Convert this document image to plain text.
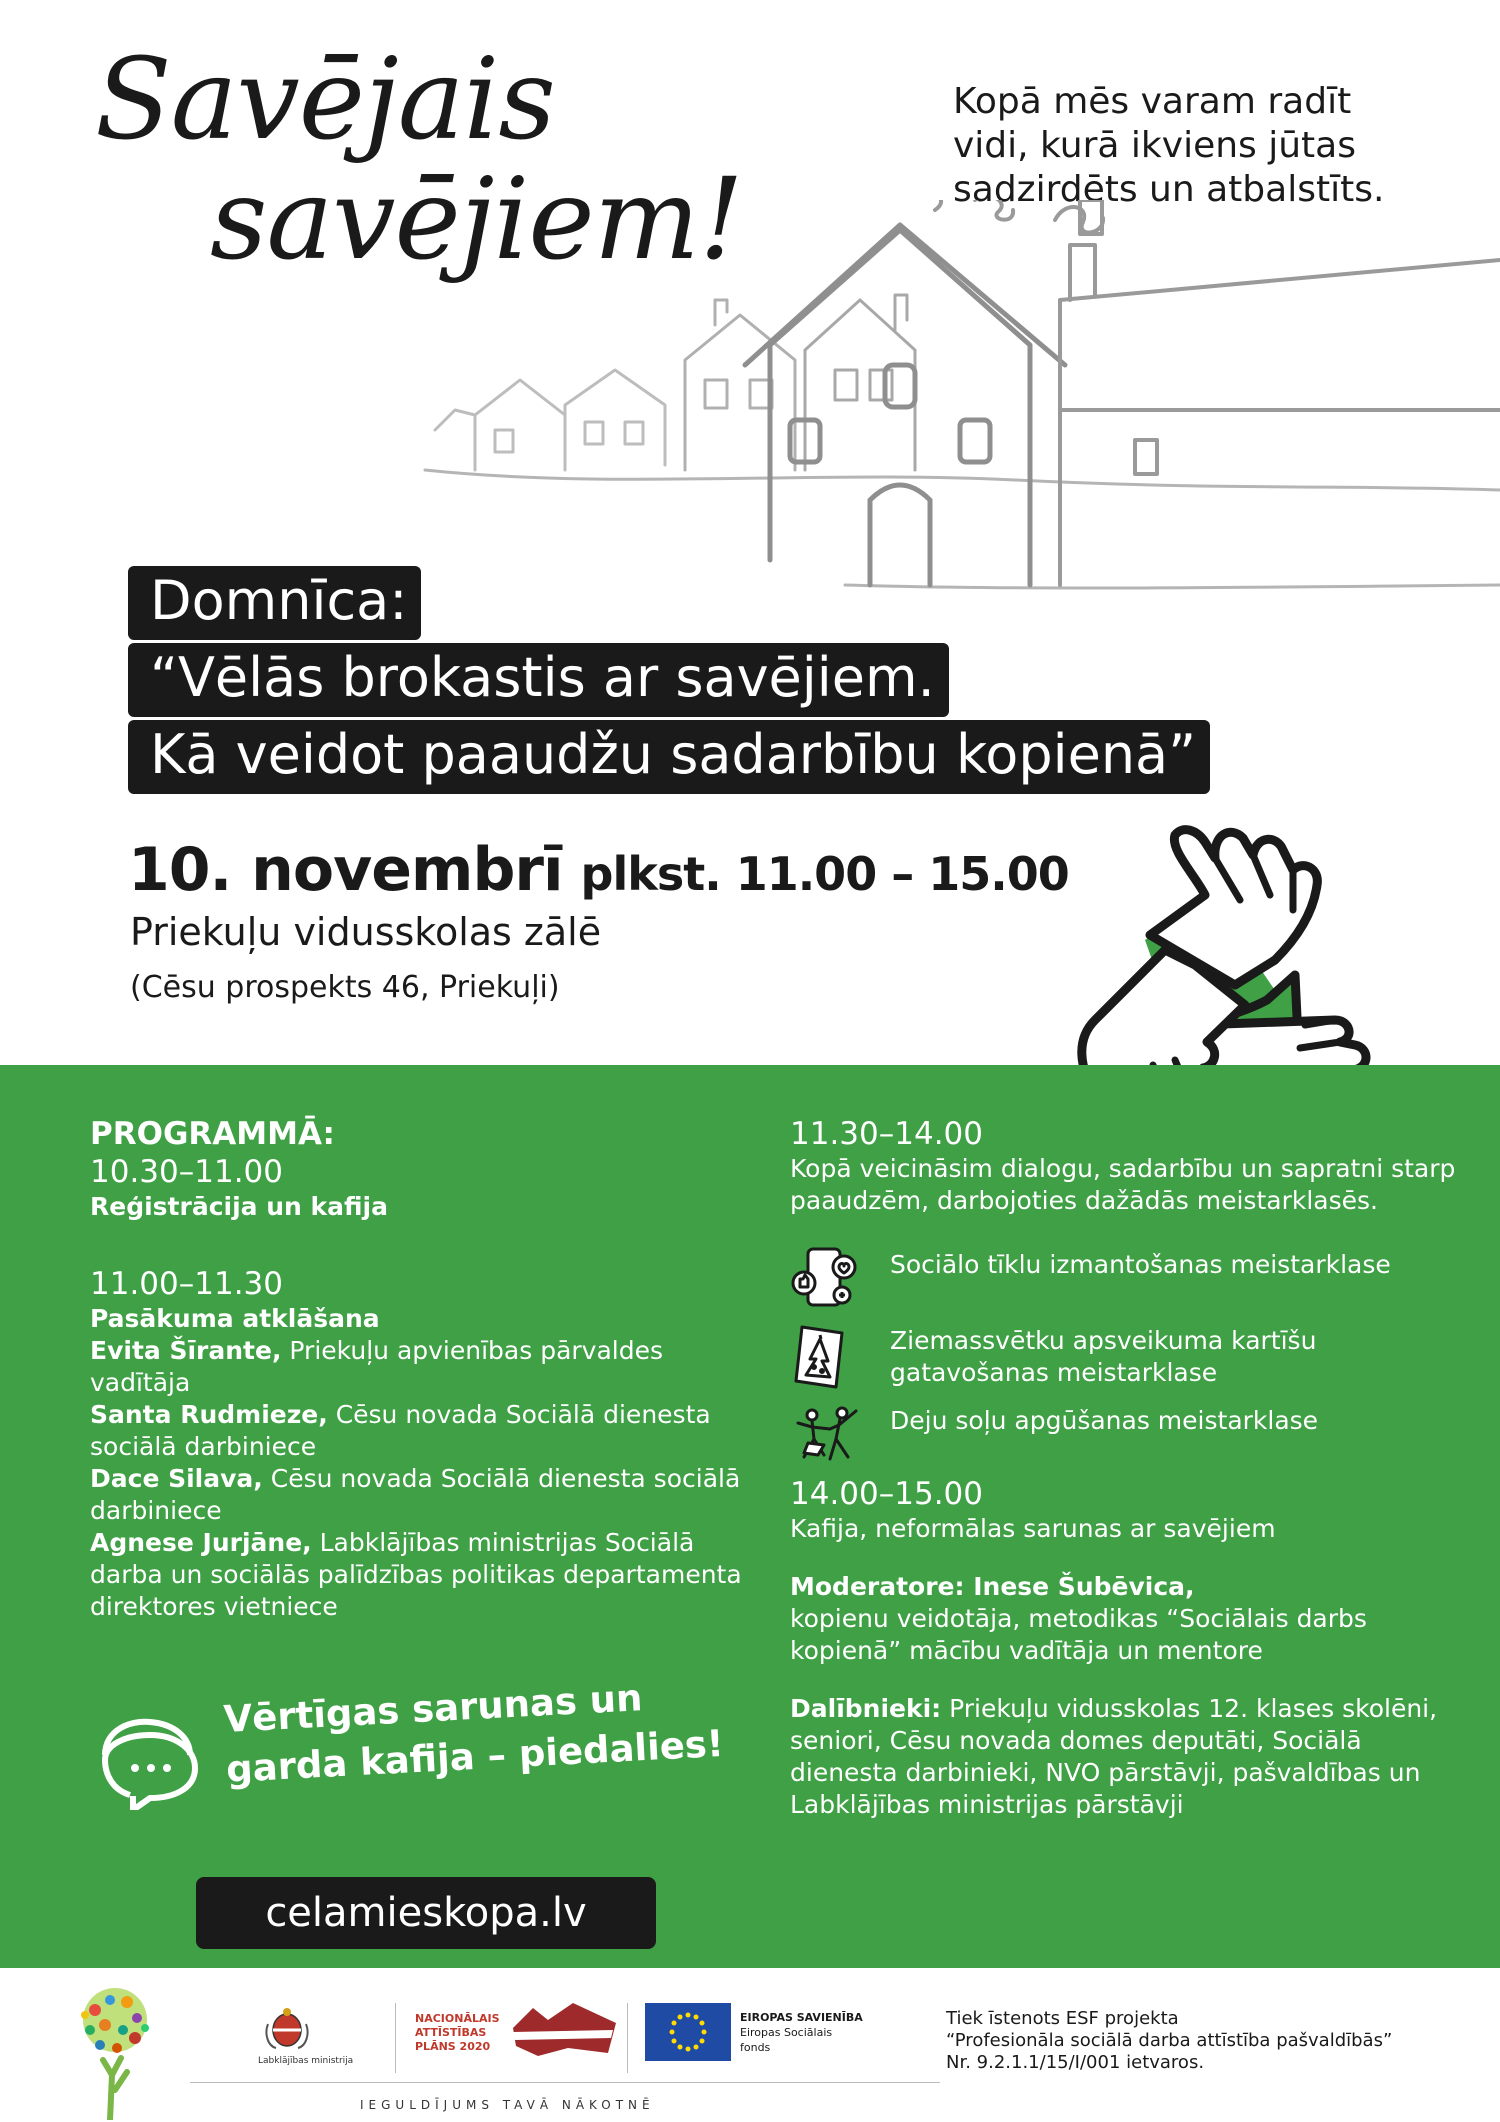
Savējais
savējiem!
Kopā mēs varam radīt vidi, kurā ikviens jūtas sadzirdēts un atbalstīts.
Domnīca:
“Vēlās brokastis ar savējiem.
Kā veidot paaudžu sadarbību kopienā”
10. novembrī plkst. 11.00 – 15.00
Priekuļu vidusskolas zālē
(Cēsu prospekts 46, Priekuļi)
PROGRAMMĀ:
10.30–11.00
Reģistrācija un kafija
11.00–11.30
Pasākuma atklāšana
Evita Šīrante, Priekuļu apvienības pārvaldes vadītāja
Santa Rudmieze, Cēsu novada Sociālā dienesta sociālā darbiniece
Dace Silava, Cēsu novada Sociālā dienesta sociālā darbiniece
Agnese Jurjāne, Labklājības ministrijas Sociālā darba un sociālās palīdzības politikas departamenta direktores vietniece
Vērtīgas sarunas un
garda kafija – piedalies!
celamieskopa.lv
11.30–14.00
Kopā veicināsim dialogu, sadarbību un sapratni starp paaudzēm, darbojoties dažādās meistarklasēs.
Sociālo tīklu izmantošanas meistarklase
Ziemassvētku apsveikuma kartīšu gatavošanas meistarklase
Deju soļu apgūšanas meistarklase
14.00–15.00
Kafija, neformālas sarunas ar savējiem
Moderatore: Inese Šubēvica,
kopienu veidotāja, metodikas “Sociālais darbs kopienā” mācību vadītāja un mentore
Dalībnieki: Priekuļu vidusskolas 12. klases skolēni, seniori, Cēsu novada domes deputāti, Sociālā dienesta darbinieki, NVO pārstāvji, pašvaldības un Labklājības ministrijas pārstāvji
Labklājības ministrija
NACIONĀLAIS
ATTĪSTĪBAS
PLĀNS 2020
EIROPAS SAVIENĪBA
Eiropas Sociālais
fonds
IEGULDĪJUMS TAVĀ NĀKOTNĒ
Tiek īstenots ESF projekta
“Profesionāla sociālā darba attīstība pašvaldībās”
Nr. 9.2.1.1/15/I/001 ietvaros.
